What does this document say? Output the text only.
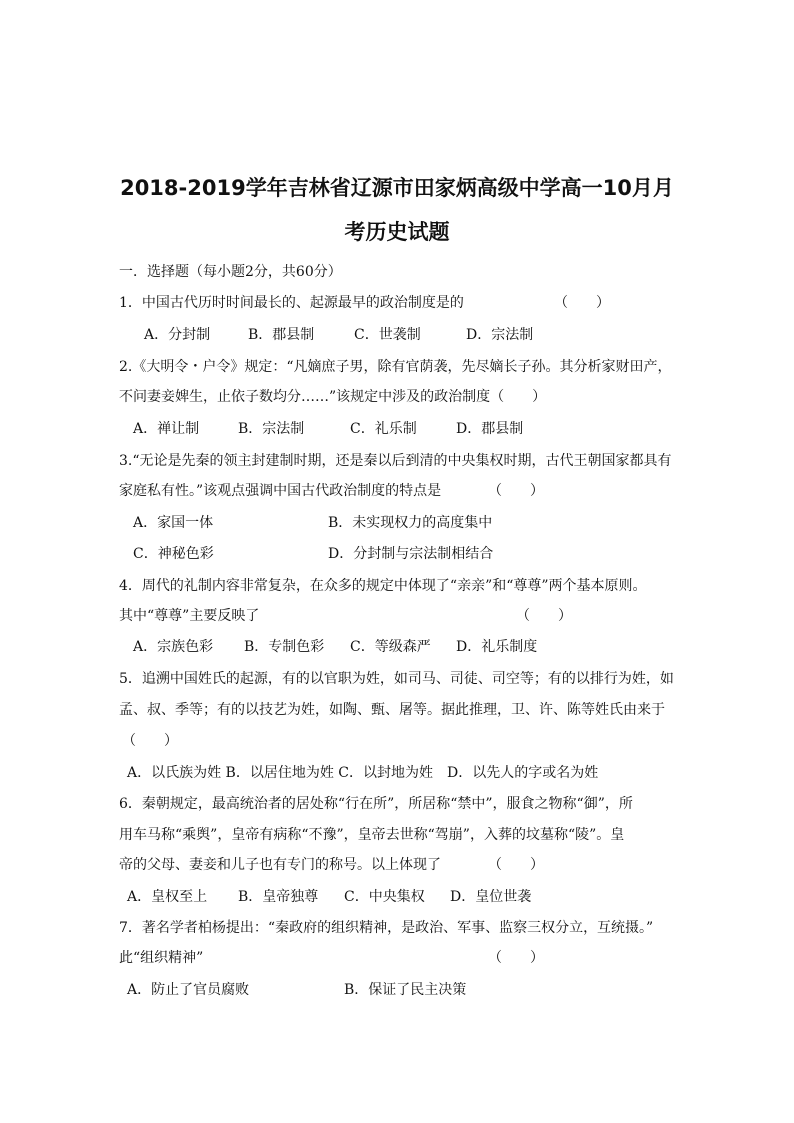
2018-2019学年吉林省辽源市田家炳高级中学高一10月月
考历史试题
一．选择题（每小题2分，共60分）
1．中国古代历时时间最长的、起源最早的政治制度是的	（　　）
A．分封制	B．郡县制	C．世袭制	D．宗法制
2.《大明令・户令》规定：“凡嫡庶子男，除有官荫袭，先尽嫡长子孙。其分析家财田产，
不问妻妾婢生，止依子数均分……”该规定中涉及的政治制度（　　）
A．禅让制	B．宗法制	C．礼乐制	D．郡县制
3.“无论是先秦的领主封建制时期，还是秦以后到清的中央集权时期，古代王朝国家都具有
家庭私有性。”该观点强调中国古代政治制度的特点是	（　　）
A．家国一体	B．未实现权力的高度集中
C．神秘色彩	D．分封制与宗法制相结合
4．周代的礼制内容非常复杂，在众多的规定中体现了“亲亲”和“尊尊”两个基本原则。
其中“尊尊”主要反映了	（　　）
A．宗族色彩 B．专制色彩 C．等级森严 D．礼乐制度
5．追溯中国姓氏的起源，有的以官职为姓，如司马、司徒、司空等；有的以排行为姓，如
孟、叔、季等；有的以技艺为姓，如陶、甄、屠等。据此推理，卫、许、陈等姓氏由来于
（　　）
A．以氏族为姓 B．以居住地为姓 C．以封地为姓　D．以先人的字或名为姓
6．秦朝规定，最高统治者的居处称“行在所”，所居称“禁中”，服食之物称“御”，所
用车马称“乘舆”，皇帝有病称“不豫”，皇帝去世称“驾崩”，入葬的坟墓称“陵”。皇
帝的父母、妻妾和儿子也有专门的称号。以上体现了	（　　）
A．皇权至上 B．皇帝独尊 C．中央集权 D．皇位世袭
7．著名学者柏杨提出：“秦政府的组织精神，是政治、军事、监察三权分立，互统摄。”
此“组织精神”	（　　）
A．防止了官员腐败	B．保证了民主决策
